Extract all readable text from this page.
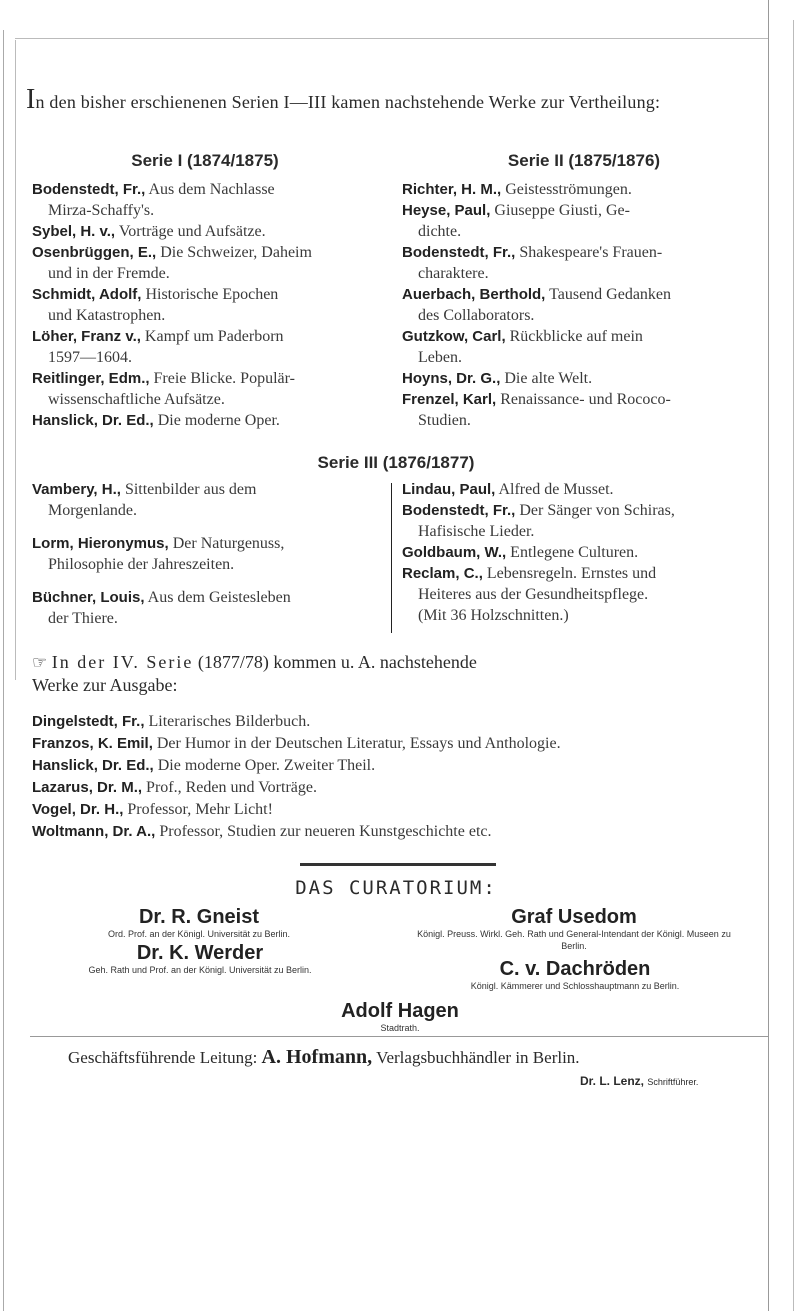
In den bisher erschienenen Serien I—III kamen nachstehende Werke zur Vertheilung:
Serie I (1874/1875)

Bodenstedt, Fr., Aus dem Nachlasse
Mirza-Schaffy's.

Sybel, H. v., Vorträge und Aufsätze.

Osenbrüggen, E., Die Schweizer, Daheim
und in der Fremde.

Schmidt, Adolf, Historische Epochen
und Katastrophen.

Löher, Franz v., Kampf um Paderborn
1597—1604.

Reitlinger, Edm., Freie Blicke. Populär-
wissenschaftliche Aufsätze.

Hanslick, Dr. Ed., Die moderne Oper.

Serie II (1875/1876)

Richter, H. M., Geistesströmungen.

Heyse, Paul, Giuseppe Giusti, Ge-
dichte.

Bodenstedt, Fr., Shakespeare's Frauen-
charaktere.

Auerbach, Berthold, Tausend Gedanken
des Collaborators.

Gutzkow, Carl, Rückblicke auf mein
Leben.

Hoyns, Dr. G., Die alte Welt.

Frenzel, Karl, Renaissance- und Rococo-
Studien.

Serie III (1876/1877)

Vambery, H., Sittenbilder aus dem
Morgenlande.

Lorm, Hieronymus, Der Naturgenuss,
Philosophie der Jahreszeiten.

Büchner, Louis, Aus dem Geistesleben
der Thiere.

Lindau, Paul, Alfred de Musset.

Bodenstedt, Fr., Der Sänger von Schiras,
Hafisische Lieder.

Goldbaum, W., Entlegene Culturen.

Reclam, C., Lebensregeln. Ernstes und
Heiteres aus der Gesundheitspflege.

(Mit 36 Holzschnitten.)

☞ In der IV. Serie (1877/78) kommen u. A. nachstehende
Werke zur Ausgabe:

Dingelstedt, Fr., Literarisches Bilderbuch.

Franzos, K. Emil, Der Humor in der Deutschen Literatur, Essays und Anthologie.

Hanslick, Dr. Ed., Die moderne Oper. Zweiter Theil.

Lazarus, Dr. M., Prof., Reden und Vorträge.

Vogel, Dr. H., Professor, Mehr Licht!

Woltmann, Dr. A., Professor, Studien zur neueren Kunstgeschichte etc.

DAS CURATORIUM:
Dr. R. Gneist
Ord. Prof. an der Königl. Universität zu Berlin.
Dr. K. Werder
Geh. Rath und Prof. an der Königl. Universität zu Berlin.
Graf Usedom
Königl. Preuss. Wirkl. Geh. Rath und General-Intendant der Königl. Museen zu Berlin.
C. v. Dachröden
Königl. Kämmerer und Schlosshauptmann zu Berlin.
Adolf Hagen
Stadtrath.
Geschäftsführende Leitung: A. Hofmann, Verlagsbuchhändler in Berlin.
Dr. L. Lenz, Schriftführer.
